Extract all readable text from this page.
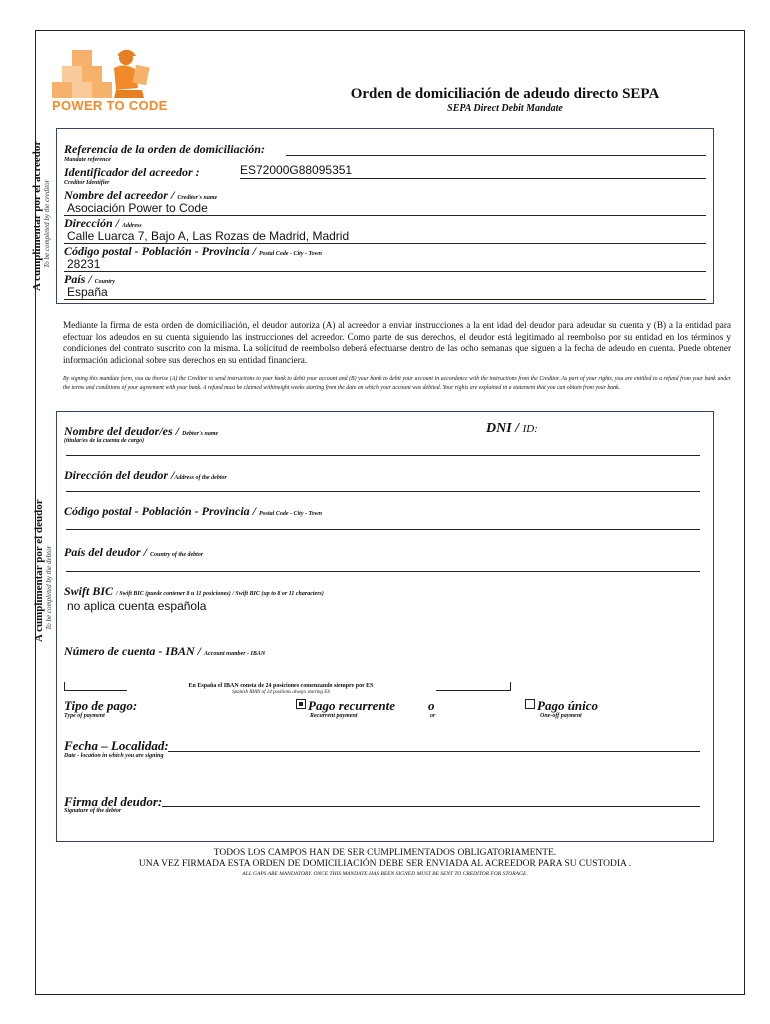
POWER TO CODE
Orden de domiciliación de adeudo directo SEPA
SEPA Direct Debit Mandate
A cumplimentar por el acreedor To be completed by the creditor
Referencia de la orden de domiciliación:
Mandate reference
Identificador del acreedor :	ES72000G88095351
Creditor Identifier
Nombre del acreedor / Creditor's name
Asociación Power to Code
Dirección / Address
Calle Luarca 7, Bajo A, Las Rozas de Madrid, Madrid
Código postal - Población - Provincia / Postal Code - City - Town
28231
País / Country
España
Mediante la firma de esta orden de domiciliación, el deudor autoriza (A) al acreedor a enviar instrucciones a la ent idad del deudor para adeudar su cuenta y (B) a la entidad para efectuar los adeudos en su cuenta siguiendo las instrucciones del acreedor. Como parte de sus derechos, el deudor está legitimado al reembolso por su entidad en los términos y condiciones del contrato suscrito con la misma. La solicitud de reembolso deberá efectuarse dentro de las ocho semanas que siguen a la fecha de adeudo en cuenta. Puede obtener información adicional sobre sus derechos en su entidad financiera.
By signing this mandate form, you au thorise (A) the Creditor to send instructions to your bank to debit your account and (B) your bank to debit your account in accordance with the instructions from the Creditor. As part of your rights, you are entitled to a refund from your bank under the terms and conditions of your agreement with your bank. A refund must be claimed withineight weeks starting from the date on which your account was debited. Your rights are explained in a statement that you can obtain from your bank.
A cumplimentar por el deudor To be completed by the debtor
Nombre del deudor/es / Debtor's name
(titular/es de la cuenta de cargo)
DNI / ID:
Dirección del deudor /Address of the debtor
Código postal - Población - Provincia / Postal Code - City - Town
País del deudor / Country of the debtor
Swift BIC / Swift BIC (puede contener 8 u 11 posiciones) / Swift BIC (up to 8 or 11 characters)
no aplica cuenta española
Número de cuenta - IBAN / Account number - IBAN
En España el IBAN consta de 24 posiciones comenzando siempre por ES
Spanish IBAN of 24 positions always starting ES
Tipo de pago:
Type of payment
Pago recurrente
Recurrent payment
o
or
Pago único
One-off payment
Fecha – Localidad:
Date - location in which you are signing
Firma del deudor:
Signature of the debtor
TODOS LOS CAMPOS HAN DE SER CUMPLIMENTADOS OBLIGATORIAMENTE.
UNA VEZ FIRMADA ESTA ORDEN DE DOMICILIACIÓN DEBE SER ENVIADA AL ACREEDOR PARA SU CUSTODIA .
ALL GAPS ARE MANDATORY. ONCE THIS MANDATE HAS BEEN SIGNED MUST BE SENT TO CREDITOR FOR STORAGE.
